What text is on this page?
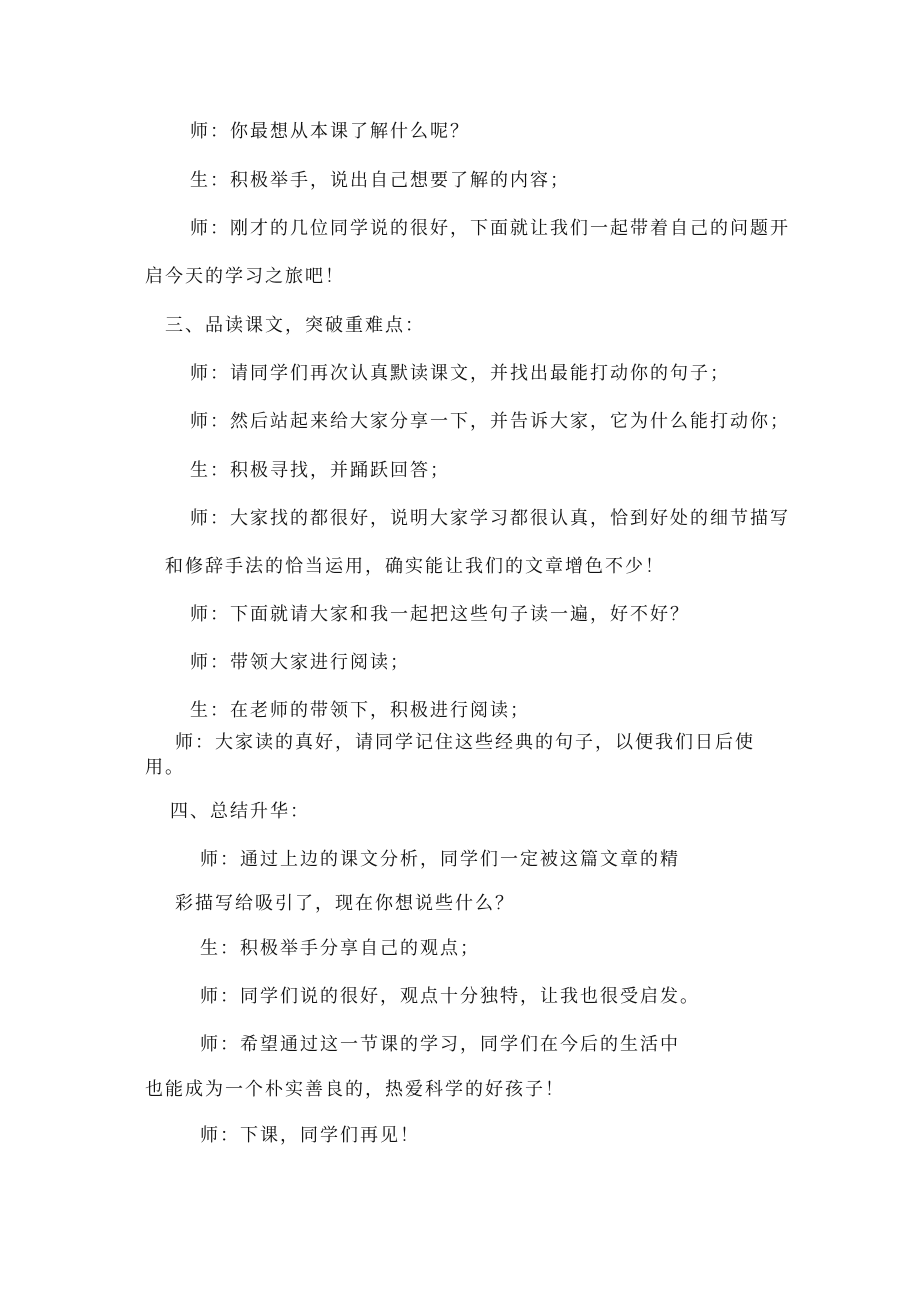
师：你最想从本课了解什么呢？
生：积极举手，说出自己想要了解的内容；
师：刚才的几位同学说的很好，下面就让我们一起带着自己的问题开
启今天的学习之旅吧！
三、品读课文，突破重难点：
师：请同学们再次认真默读课文，并找出最能打动你的句子；
师：然后站起来给大家分享一下，并告诉大家，它为什么能打动你；
生：积极寻找，并踊跃回答；
师：大家找的都很好，说明大家学习都很认真，恰到好处的细节描写
和修辞手法的恰当运用，确实能让我们的文章增色不少！
师：下面就请大家和我一起把这些句子读一遍，好不好？
师：带领大家进行阅读；
生：在老师的带领下，积极进行阅读；
师：大家读的真好，请同学记住这些经典的句子，以便我们日后使
用。
四、总结升华：
师：通过上边的课文分析，同学们一定被这篇文章的精
彩描写给吸引了，现在你想说些什么？
生：积极举手分享自己的观点；
师：同学们说的很好，观点十分独特，让我也很受启发。
师：希望通过这一节课的学习，同学们在今后的生活中
也能成为一个朴实善良的，热爱科学的好孩子！
师：下课，同学们再见！
